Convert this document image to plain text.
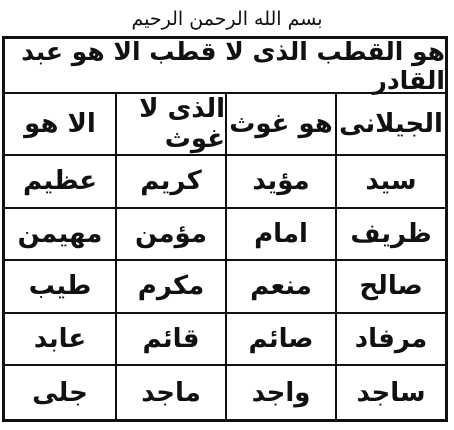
بسم الله الرحمن الرحيم
هو القطب الذی لا قطب الا هو عبد القادر
الجیلانی
هو غوث
الذی لا غوث
الا هو
سید
مؤید
کریم
عظیم
ظریف
امام
مؤمن
مهیمن
صالح
منعم
مکرم
طیب
مرفاد
صائم
قائم
عابد
ساجد
واجد
ماجد
جلی
